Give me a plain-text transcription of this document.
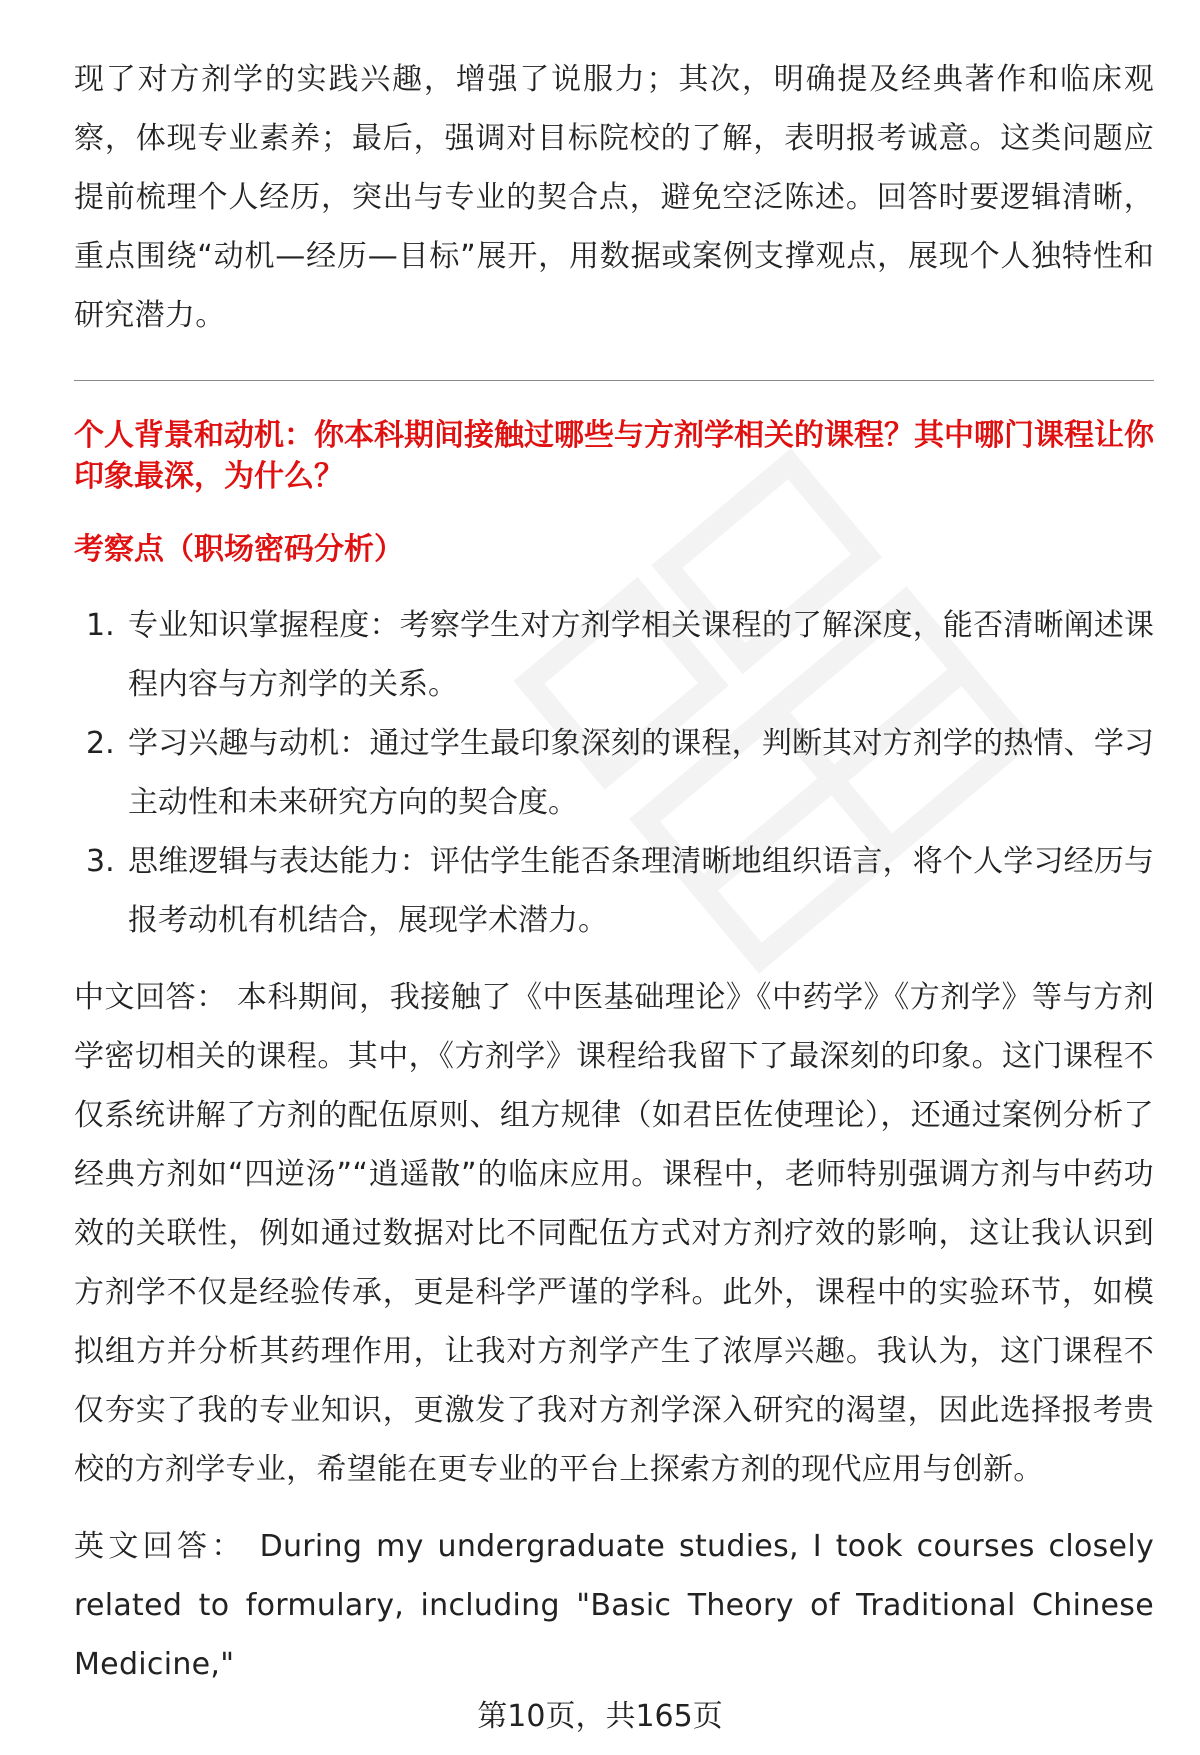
现了对方剂学的实践兴趣，增强了说服力；其次，明确提及经典著作和临床观察，体现专业素养；最后，强调对目标院校的了解，表明报考诚意。这类问题应提前梳理个人经历，突出与专业的契合点，避免空泛陈述。回答时要逻辑清晰，重点围绕“动机—经历—目标”展开，用数据或案例支撑观点，展现个人独特性和研究潜力。

个人背景和动机：你本科期间接触过哪些与方剂学相关的课程？其中哪门课程让你印象最深，为什么？

考察点（职场密码分析）

1. 专业知识掌握程度：考察学生对方剂学相关课程的了解深度，能否清晰阐述课程内容与方剂学的关系。
2. 学习兴趣与动机：通过学生最印象深刻的课程，判断其对方剂学的热情、学习主动性和未来研究方向的契合度。
3. 思维逻辑与表达能力：评估学生能否条理清晰地组织语言，将个人学习经历与报考动机有机结合，展现学术潜力。

中文回答： 本科期间，我接触了《中医基础理论》《中药学》《方剂学》等与方剂学密切相关的课程。其中，《方剂学》课程给我留下了最深刻的印象。这门课程不仅系统讲解了方剂的配伍原则、组方规律（如君臣佐使理论），还通过案例分析了经典方剂如“四逆汤”“逍遥散”的临床应用。课程中，老师特别强调方剂与中药功效的关联性，例如通过数据对比不同配伍方式对方剂疗效的影响，这让我认识到方剂学不仅是经验传承，更是科学严谨的学科。此外，课程中的实验环节，如模拟组方并分析其药理作用，让我对方剂学产生了浓厚兴趣。我认为，这门课程不仅夯实了我的专业知识，更激发了我对方剂学深入研究的渴望，因此选择报考贵校的方剂学专业，希望能在更专业的平台上探索方剂的现代应用与创新。

英文回答： During my undergraduate studies, I took courses closely related to formulary, including "Basic Theory of Traditional Chinese Medicine,"

第10页，共165页
